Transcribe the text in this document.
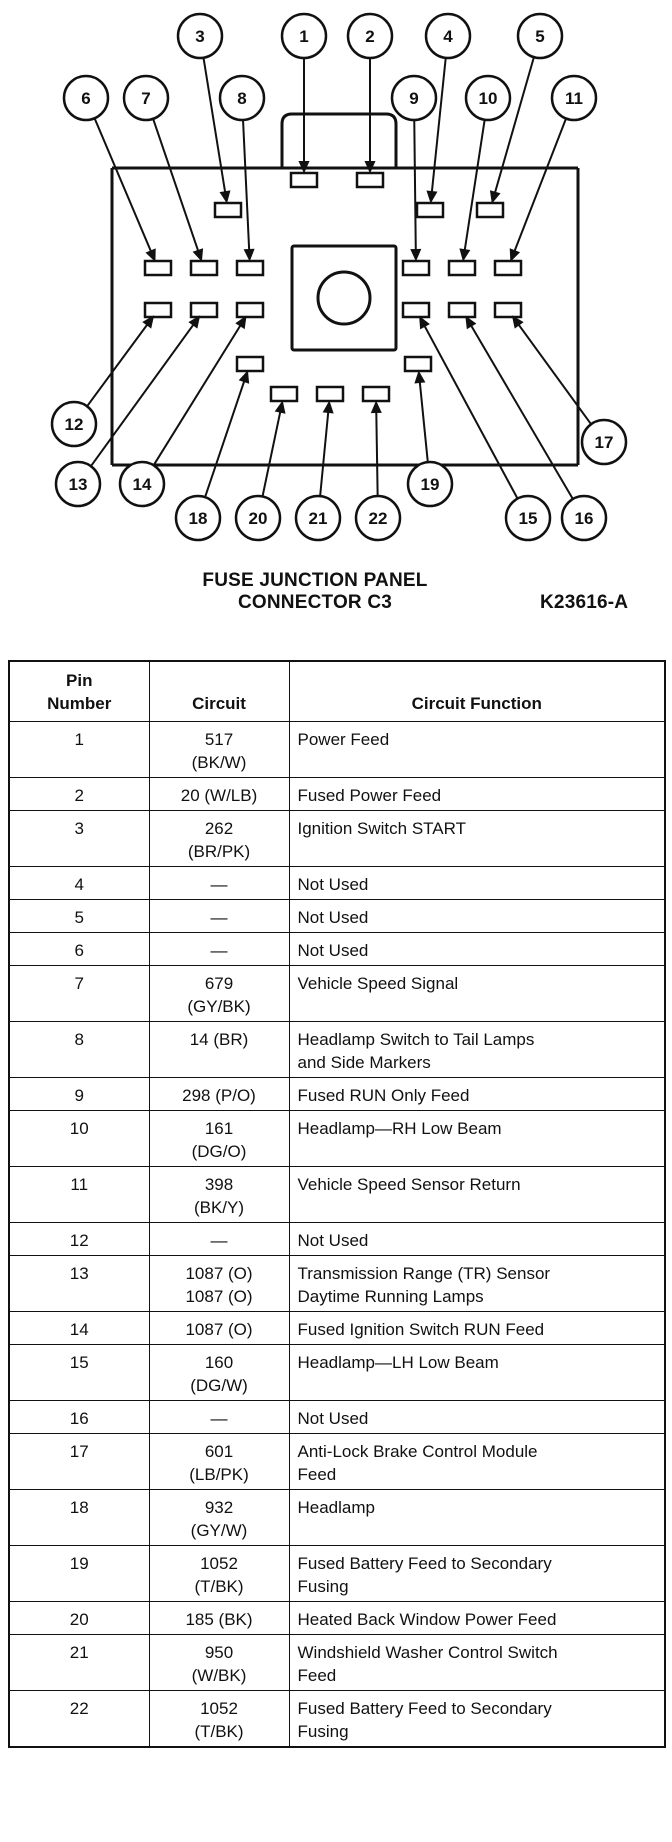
1	2
3	4	5
6	7	8	9	10	11
12
13	14
15 16
17
18
19
20 21 22
FUSE JUNCTION PANEL
CONNECTOR C3	K23616-A
Pin
Number	Circuit	Circuit Function
1	517
(BK/W)	Power Feed

2	20 (W/LB)	Fused Power Feed

3	262
(BR/PK)	Ignition Switch START

4	—	Not Used

5	—	Not Used

6	—	Not Used

7	679
(GY/BK)	Vehicle Speed Signal

8	14 (BR)	Headlamp Switch to Tail Lamps
and Side Markers

9	298 (P/O)	Fused RUN Only Feed

10	161
(DG/O)	Headlamp—RH Low Beam

11	398
(BK/Y)	Vehicle Speed Sensor Return

12	—	Not Used

13	1087 (O)
1087 (O)	Transmission Range (TR) Sensor
Daytime Running Lamps

14	1087 (O)	Fused Ignition Switch RUN Feed

15	160
(DG/W)	Headlamp—LH Low Beam

16	—	Not Used

17	601
(LB/PK)	Anti-Lock Brake Control Module
Feed

18	932
(GY/W)	Headlamp

19	1052
(T/BK)	Fused Battery Feed to Secondary
Fusing

20	185 (BK)	Heated Back Window Power Feed

21	950
(W/BK)	Windshield Washer Control Switch
Feed

22	1052
(T/BK)	Fused Battery Feed to Secondary
Fusing
